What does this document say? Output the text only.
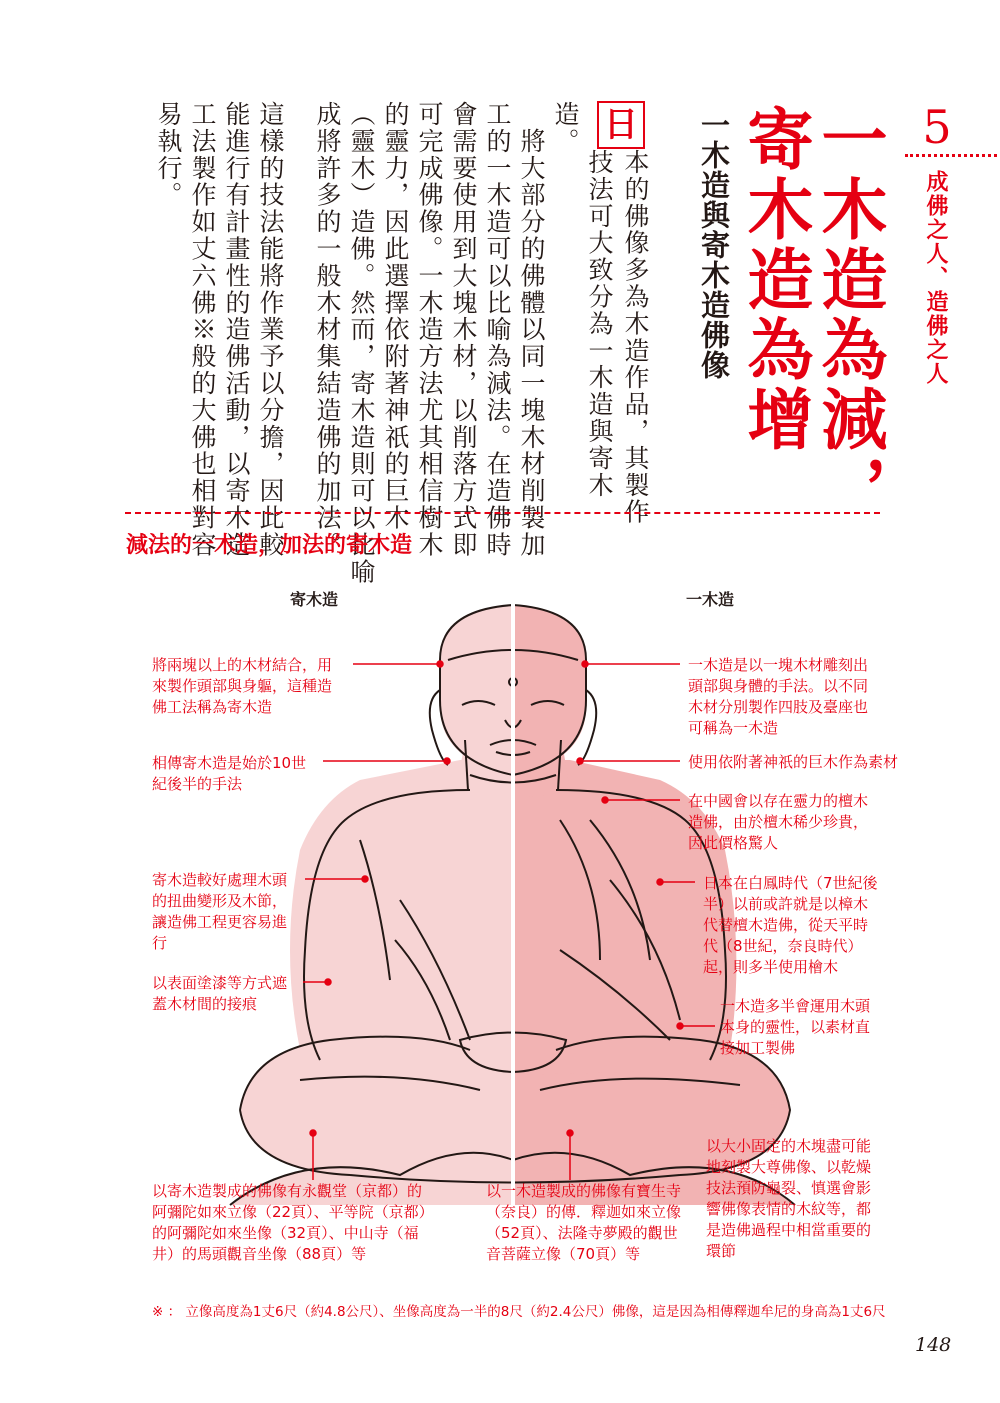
5
成佛之人、造佛之人
一木造為減，
寄木造為增
一木造與寄木造佛像
日
本的佛像多為木造作品，其製作
技法可大致分為一木造與寄木
造。
　將大部分的佛體以同一塊木材削製加
工的一木造可以比喻為減法。在造佛時
會需要使用到大塊木材，以削落方式即
可完成佛像。一木造方法尤其相信樹木
的靈力，因此選擇依附著神祇的巨木
（靈木）造佛。然而，寄木造則可以比喻
成將許多的一般木材集結造佛的加法。
這樣的技法能將作業予以分擔，因此較
能進行有計畫性的造佛活動，以寄木造
工法製作如丈六佛※般的大佛也相對容
易執行。
減法的一木造，加法的寄木造
寄木造	一木造
將兩塊以上的木材結合，用
來製作頭部與身軀，這種造
佛工法稱為寄木造
相傳寄木造是始於10世
紀後半的手法
寄木造較好處理木頭
的扭曲變形及木節，
讓造佛工程更容易進
行
以表面塗漆等方式遮
蓋木材間的接痕
一木造是以一塊木材雕刻出
頭部與身體的手法。以不同
木材分別製作四肢及臺座也
可稱為一木造
使用依附著神祇的巨木作為素材
在中國會以存在靈力的檀木
造佛，由於檀木稀少珍貴，
因此價格驚人
日本在白鳳時代（7世紀後
半）以前或許就是以樟木
代替檀木造佛，從天平時
代（8世紀，奈良時代）
起，則多半使用檜木
一木造多半會運用木頭
本身的靈性，以素材直
接加工製佛
以寄木造製成的佛像有永觀堂（京都）的
阿彌陀如來立像（22頁）、平等院（京都）
的阿彌陀如來坐像（32頁）、中山寺（福
井）的馬頭觀音坐像（88頁）等
以一木造製成的佛像有寶生寺
（奈良）的傳．釋迦如來立像
（52頁）、法隆寺夢殿的觀世
音菩薩立像（70頁）等
以大小固定的木塊盡可能
地刻製大尊佛像、以乾燥
技法預防龜裂、慎選會影
響佛像表情的木紋等，都
是造佛過程中相當重要的
環節
※ ： 立像高度為1丈6尺（約4.8公尺）、坐像高度為一半的8尺（約2.4公尺）佛像，這是因為相傳釋迦牟尼的身高為1丈6尺
148
